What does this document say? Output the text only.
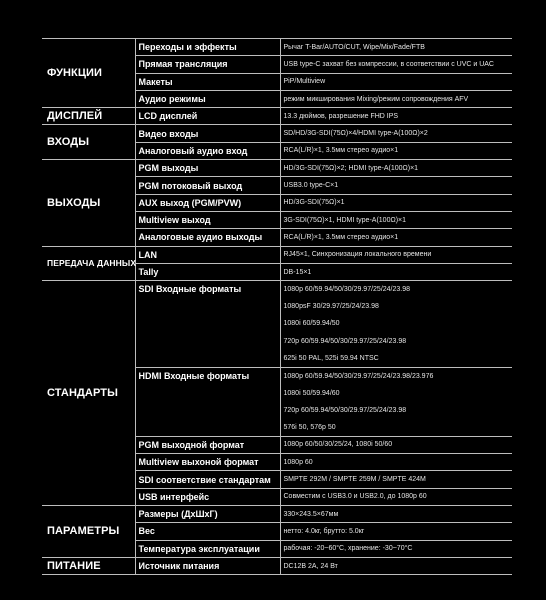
ФУНКЦИИ	Переходы и эффекты	Рычаг T-Bar/AUTO/CUT, Wipe/Mix/Fade/FTB
	Прямая трансляция	USB type-C захват без компрессии, в соответствии с UVC и UAC
	Макеты	PiP/Multiview
	Аудио режимы	режим микширования Mixing/режим сопровождения AFV
ДИСПЛЕЙ	LCD дисплей	13.3 дюймов, разрешение FHD IPS
ВХОДЫ	Видео входы	SD/HD/3G-SDI(75Ω)×4/HDMI type-A(100Ω)×2
	Аналоговый аудио вход	RCA(L/R)×1, 3.5мм стерео аудио×1
ВЫХОДЫ	PGM выходы	HD/3G-SDI(75Ω)×2; HDMI type-A(100Ω)×1
	PGM потоковый выход	USB3.0 type-C×1
	AUX выход (PGM/PVW)	HD/3G-SDI(75Ω)×1
	Multiview выход	3G-SDI(75Ω)×1, HDMI type-A(100Ω)×1
	Аналоговые аудио выходы	RCA(L/R)×1, 3.5мм стерео аудио×1
ПЕРЕДАЧА ДАННЫХ	LAN	RJ45×1, Синхронизация локального времени
	Tally	DB-15×1
СТАНДАРТЫ	SDI Входные форматы	1080p 60/59.94/50/30/29.97/25/24/23.98
		1080psF 30/29.97/25/24/23.98
		1080i 60/59.94/50
		720p 60/59.94/50/30/29.97/25/24/23.98
		625i 50 PAL, 525i 59.94 NTSC
	HDMI Входные форматы	1080p 60/59.94/50/30/29.97/25/24/23.98/23.976
		1080i 50/59.94/60
		720p 60/59.94/50/30/29.97/25/24/23.98
		576i 50, 576p 50
	PGM выходной формат	1080p 60/50/30/25/24, 1080i 50/60
	Multiview выхоной формат	1080p 60
	SDI соответствие стандартам	SMPTE 292M / SMPTE 259M / SMPTE 424M
	USB интерфейс	Совместим с USB3.0 и USB2.0, до 1080p 60
ПАРАМЕТРЫ	Размеры (ДхШхГ)	330×243.5×67мм
	Вес	нетто: 4.0кг, брутто: 5.0кг
	Температура эксплуатации	рабочая: -20~60°C, хранение: -30~70°C
ПИТАНИЕ	Источник питания	DC12В 2А, 24 Вт
